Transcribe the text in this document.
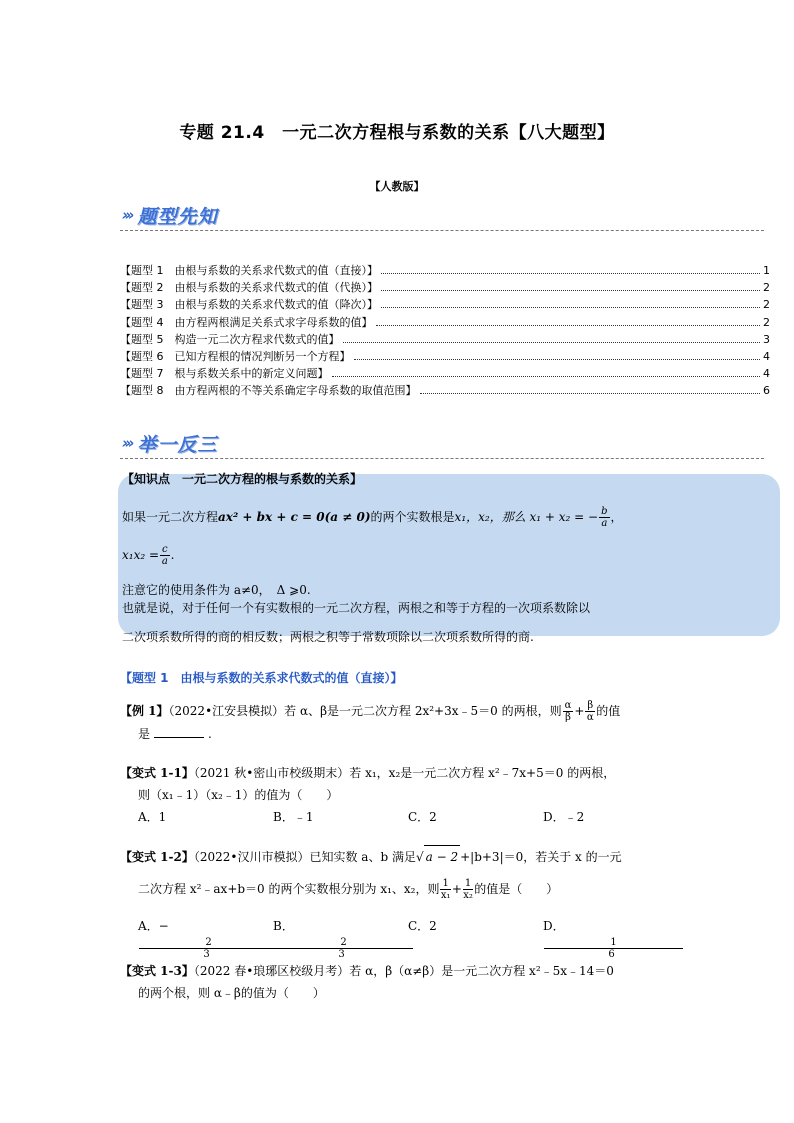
专题 21.4　一元二次方程根与系数的关系【八大题型】
【人教版】
››› 题型先知
【题型 1　由根与系数的关系求代数式的值（直接）】	1
【题型 2　由根与系数的关系求代数式的值（代换）】	2
【题型 3　由根与系数的关系求代数式的值（降次）】	2
【题型 4　由方程两根满足关系式求字母系数的值】	2
【题型 5　构造一元二次方程求代数式的值】	3
【题型 6　已知方程根的情况判断另一个方程】	4
【题型 7　根与系数关系中的新定义问题】	4
【题型 8　由方程两根的不等关系确定字母系数的取值范围】	6
››› 举一反三
【知识点　一元二次方程的根与系数的关系】
如果一元二次方程ax² + bx + c = 0(a ≠ 0)的两个实数根是x₁，x₂，那么 x₁ + x₂ = − $\frac{b}{a}$ ，
$x_1x_2 = \frac{c}{a}$ .
注意它的使用条件为 a≠0，　Δ ⩾0.
也就是说，对于任何一个有实数根的一元二次方程，两根之和等于方程的一次项系数除以
二次项系数所得的商的相反数；两根之积等于常数项除以二次项系数所得的商.
【题型 1　由根与系数的关系求代数式的值（直接）】
【例 1】（2022•江安县模拟）若 α、β是一元二次方程 2x²+3x﹣5＝0 的两根，则 $\frac{\alpha}{\beta} + \frac{\beta}{\alpha}$ 的值
是	.
【变式 1-1】（2021 秋•密山市校级期末）若 x₁，x₂是一元二次方程 x²﹣7x+5＝0 的两根，
则（x₁﹣1）（x₂﹣1）的值为（　　）
A．1	B．﹣1	C．2	D．﹣2
【变式 1-2】（2022•汉川市模拟）已知实数 a、b 满足√ a − 2 +|b+3|＝0，若关于 x 的一元
二次方程 x²﹣ax+b＝0 的两个实数根分别为 x₁、x₂，则 $\frac{1}{\text{x₁}} + \frac{1}{\text{x₂}}$ 的值是（　　）
A．−
$\frac{2}{3}$
B．
$\frac{2}{3}$
C．2	D．
$\frac{1}{6}$
【变式 1-3】（2022 春•琅琊区校级月考）若 α，β（α≠β）是一元二次方程 x²﹣5x﹣14＝0
的两个根，则 α﹣β的值为（　　）
